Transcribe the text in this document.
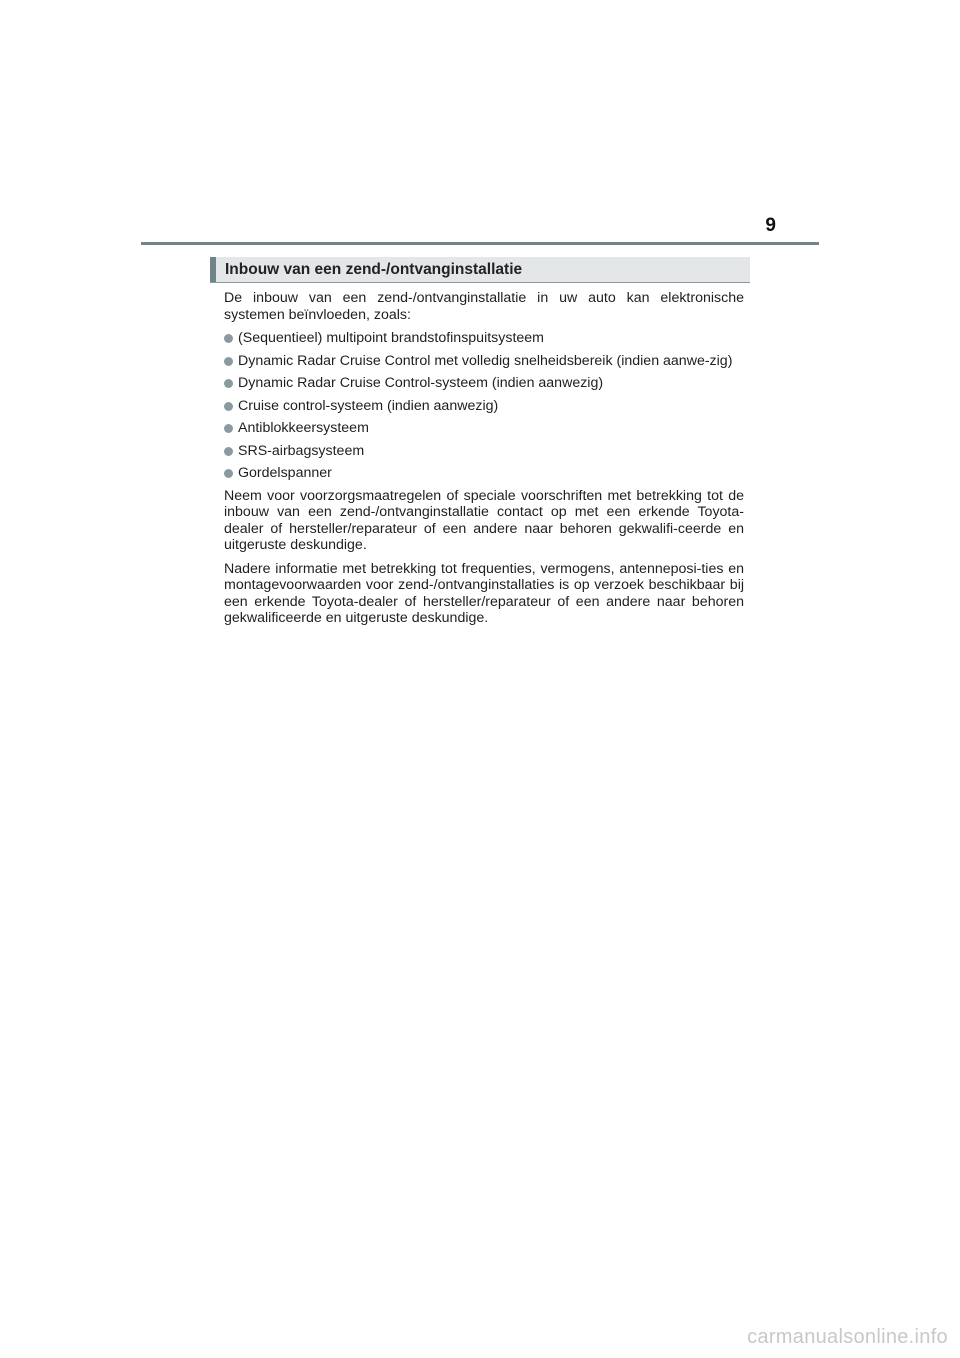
9
Inbouw van een zend-/ontvanginstallatie

De inbouw van een zend-/ontvanginstallatie in uw auto kan elektronische systemen beïnvloeden, zoals:

(Sequentieel) multipoint brandstofinspuitsysteem
Dynamic Radar Cruise Control met volledig snelheidsbereik (indien aanwe-zig)
Dynamic Radar Cruise Control-systeem (indien aanwezig)
Cruise control-systeem (indien aanwezig)
Antiblokkeersysteem
SRS-airbagsysteem
Gordelspanner

Neem voor voorzorgsmaatregelen of speciale voorschriften met betrekking tot de inbouw van een zend-/ontvanginstallatie contact op met een erkende Toyota-dealer of hersteller/reparateur of een andere naar behoren gekwalifi-ceerde en uitgeruste deskundige.

Nadere informatie met betrekking tot frequenties, vermogens, antenneposi-ties en montagevoorwaarden voor zend-/ontvanginstallaties is op verzoek beschikbaar bij een erkende Toyota-dealer of hersteller/reparateur of een andere naar behoren gekwalificeerde en uitgeruste deskundige.

carmanualsonline.info
